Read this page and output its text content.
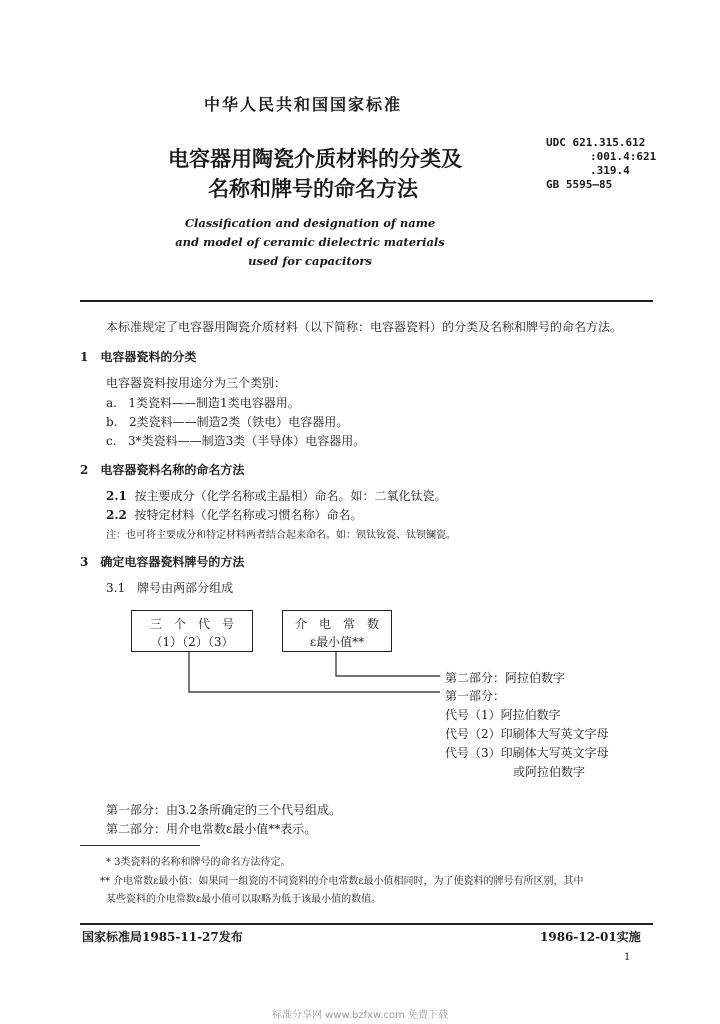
中华人民共和国国家标准
UDC 621.315.612
:001.4:621
.319.4
GB 5595—85
电容器用陶瓷介质材料的分类及
名称和牌号的命名方法
Classification and designation of name
and model of ceramic dielectric materials
used for capacitors
本标准规定了电容器用陶瓷介质材料（以下简称：电容器瓷料）的分类及名称和牌号的命名方法。
1　电容器瓷料的分类
电容器瓷料按用途分为三个类别：
a. 1类瓷料——制造1类电容器用。
b. 2类瓷料——制造2类（铁电）电容器用。
c. 3*类瓷料——制造3类（半导体）电容器用。
2　电容器瓷料名称的命名方法
2.1 按主要成分（化学名称或主晶相）命名。如：二氧化钛瓷。
2.2 按特定材料（化学名称或习惯名称）命名。
注：也可将主要成分和特定材料两者结合起来命名。如：钡钛钕瓷、钛钡镧瓷。
3　确定电容器瓷料牌号的方法
3.1　牌号由两部分组成
三　个　代　号
（1）（2）（3）
介　电　常　数
ε最小值**
第二部分：阿拉伯数字
第一部分：
代号（1）阿拉伯数字
代号（2）印刷体大写英文字母
代号（3）印刷体大写英文字母
或阿拉伯数字
第一部分：由3.2条所确定的三个代号组成。
第二部分：用介电常数ε最小值**表示。
* 3类瓷料的名称和牌号的命名方法待定。
** 介电常数ε最小值：如果同一组瓷的不同瓷料的介电常数ε最小值相同时，为了使瓷料的牌号有所区别，其中
某些瓷料的介电常数ε最小值可以取略为低于该最小值的数值。
国家标准局1985-11-27发布	1986-12-01实施
1
标准分享网 www.bzfxw.com 免费下载
